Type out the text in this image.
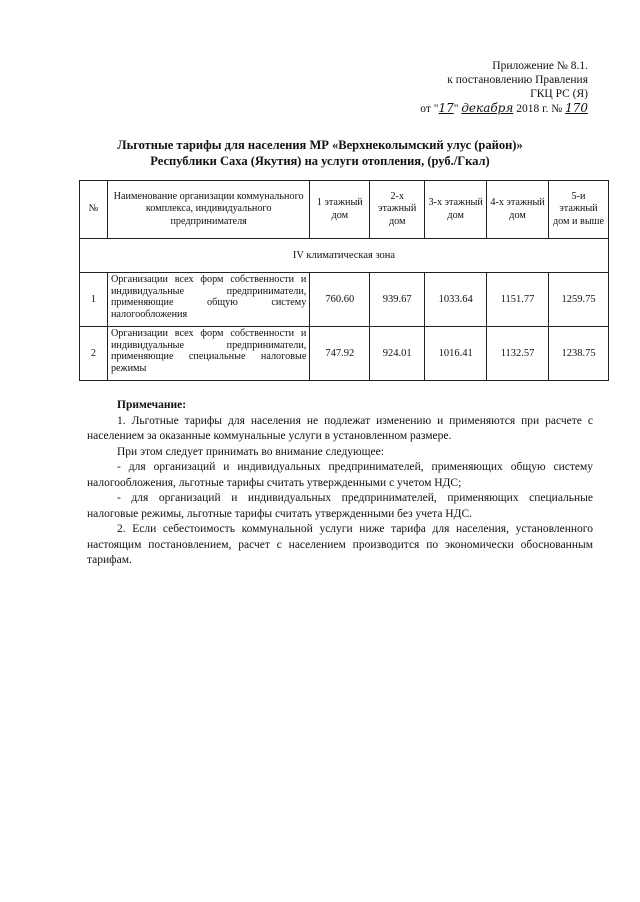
Приложение № 8.1.
к постановлению Правления
ГКЦ РС (Я)
от "17" декабря 2018 г. № 170
Льготные тарифы для населения МР «Верхнеколымский улус (район)»
Республики Саха (Якутия) на услуги отопления, (руб./Гкал)
№	Наименование организации коммунального комплекса, индивидуального предпринимателя	1 этажный дом	2-х этажный дом	3-х этажный дом	4-х этажный дом	5-и этажный дом и выше
IV климатическая зона						
1	Организации всех форм собственности и индивидуальные предприниматели, применяющие общую систему налогообложения	760.60	939.67	1033.64	1151.77	1259.75
2	Организации всех форм собственности и индивидуальные предприниматели, применяющие специальные налоговые режимы	747.92	924.01	1016.41	1132.57	1238.75

Примечание:

1. Льготные тарифы для населения не подлежат изменению и применяются при расчете с населением за оказанные коммунальные услуги в установленном размере.

При этом следует принимать во внимание следующее:

- для организаций и индивидуальных предпринимателей, применяющих общую систему налогообложения, льготные тарифы считать утвержденными с учетом НДС;

- для организаций и индивидуальных предпринимателей, применяющих специальные налоговые режимы, льготные тарифы считать утвержденными без учета НДС.

2. Если себестоимость коммунальной услуги ниже тарифа для населения, установленного настоящим постановлением, расчет с населением производится по экономически обоснованным тарифам.
